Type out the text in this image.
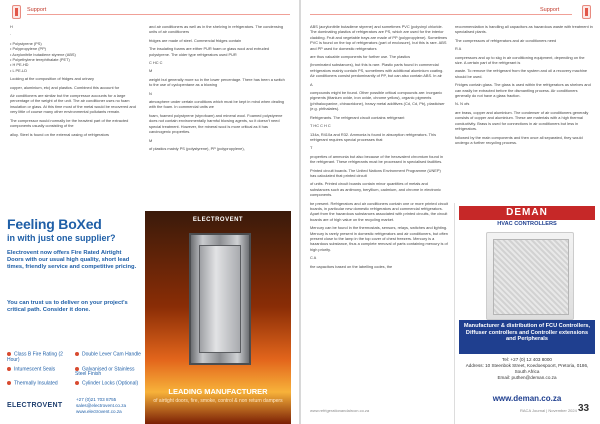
Support	Support

H

·

• Polystyrene (PS)
• Polypropylene (PP)
• Acrylonitrile butadiene styrene (ABS)
• Polyethylene terephthalate (PET)
• H PE-HD
• L PE-LD

Looking at the composition of fridges and urinary

copper, aluminium, etc) and plastics. Combined this account for

Air conditioners are similar but the compressor accounts for a large percentage of the weight of the unit. The air conditioner uses no foam insulation or glass. At this time most of the metal would be recovered and very little of course many other environmental pollutants remain.

The compressor would normally be the heaviest part of the extracted components usually consisting of the

alloy. Steel is found on the external casing of refrigerators

and air conditioners as well as in the shelving in refrigerators. The condensing units of air conditioners

fridges are made of steel. Commercial fridges contain

The insulating foams are either PUR foam or glass wool and extruded polystyrene. The older type refrigerators used PUR

C HC C

M

weight but generally more so in the lower percentage. There has been a switch to the use of cyclopentane as a blowing

N

atmosphere under certain conditions which must be kept in mind when dealing with the foam. In commercial units we

foam, foamed polystyrene (styrofoam) and mineral wool. Foamed polystyrene does not contain environmentally harmful blowing agents, so it doesn't need special treatment. However, the mineral wool is more critical as it has carcinogenic properties.

M

of plastics mainly PS (polystyrene), PP (polypropylene),

Feeling BoXed
in with just one supplier?
Electrovent now offers Fire Rated Airtight Doors with our usual high quality, short lead times, friendly service and competitive pricing.
You can trust us to deliver on your project's critical path. Consider it done.
Class B Fire Rating (2 Hour)Double Lever Cam Handle Intumescent Seals	Galvanised or Stainless Steel Finish Thermally Insulated	Cylinder Locks (Optional)
ELECTROVENT
+27 (0)21 703 8755
sales@electrovent.co.za
www.electrovent.co.za
ELECTROVENT
LEADING MANUFACTURER
of airtight doors, fire, smoke, control & non return dampers

ABS (acrylonitrile butadiene styrene) and sometimes PVC (polyvinyl chloride. The dominating plastics of refrigerators are PS, which are used for the interior cladding. Fruit and vegetable trays are made of PP (polypropylene). Sometimes PVC is found on the top of refrigerators (part of enclosure), but this is rare. ABS and PP used for domestic refrigerators

are thus valuable components for further use. The plastics

(brominated substances), but this is rare. Plastic parts found in commercial refrigerators mainly contain PS, sometimes with additional aluminium coating. Air conditioners consist predominantly of PP, but can also contain ABS. In air

A

compounds might be found. Other possible critical compounds are: inorganic pigments (titanium oxide, iron oxide, chrome yellow), organic pigments (phthalocyanine, chinacridone), heavy metal additives (Cd, Cd, Pb), plasticiser (e.g. phthalates).

Refrigerants. The refrigerant circuit contains refrigerant

T HC C H C

134a, R410a and R32. Ammonia is found in absorption refrigerators. This refrigerant requires special processes that

T

properties of ammonia but also because of the hexavalent chromium found in the refrigerant. These refrigerants must be processed in specialised facilities.

Printed circuit boards. The United Nations Environment Programme (UNEP) has calculated that printed circuit

of units. Printed circuit boards contain minor quantities of metals and substances such as antimony, beryllium, cadmium, and chrome in electronic components.

be present. Refrigerators and air conditioners contain one or more printed circuit boards, in particular new domestic refrigerators and commercial refrigerators. Apart from the hazardous substances associated with printed circuits, the circuit boards are of high value on the recycling market.

Mercury can be found in the thermostats, sensors, relays, switches and lighting. Mercury is rarely present in domestic refrigerators and air conditioners, but often present close to the lamp in the top cover of chest freezers. Mercury is a hazardous substance, thus a complete removal of parts containing mercury is of high priority.

C A

the capacitors based on the labelling codes, the

recommendation is handling all capacitors as hazardous waste with treatment in specialised plants.

The compressors of refrigerators and air conditioners need

R A

compressors and up to skg in air conditioning equipment, depending on the size. A certain part of the refrigerant is

waste. To remove the refrigerant from the system and oil a recovery machine should be used.

Fridges contain glass. The glass is used within the refrigerators as shelves and can easily be extracted before the dismantling process. Air conditioners generally do not have a glass fraction.

N- N ofs

are brass, copper and aluminium. The condenser of air conditioners generally consists of copper and aluminium. These are materials with a high thermal conductivity. Brass is used for connections in air conditioners but less in refrigerators.

followed by the main components and then once all separated, they would undergo a further recycling process.

DEMAN
HVAC CONTROLLERS
Manufacturer & distribution of FCU Controllers, Diffuser controllers and Controller extensions and Peripherals
Tel: +27 (0) 12 403 8000
Address: 10 Steenbok Street, Koedoespoort, Pretoria, 0186, South Africa
Email: puthen@deman.co.za
www.deman.co.za
www.refrigerationandaircon.co.za	RACA Journal | November 2024 33
